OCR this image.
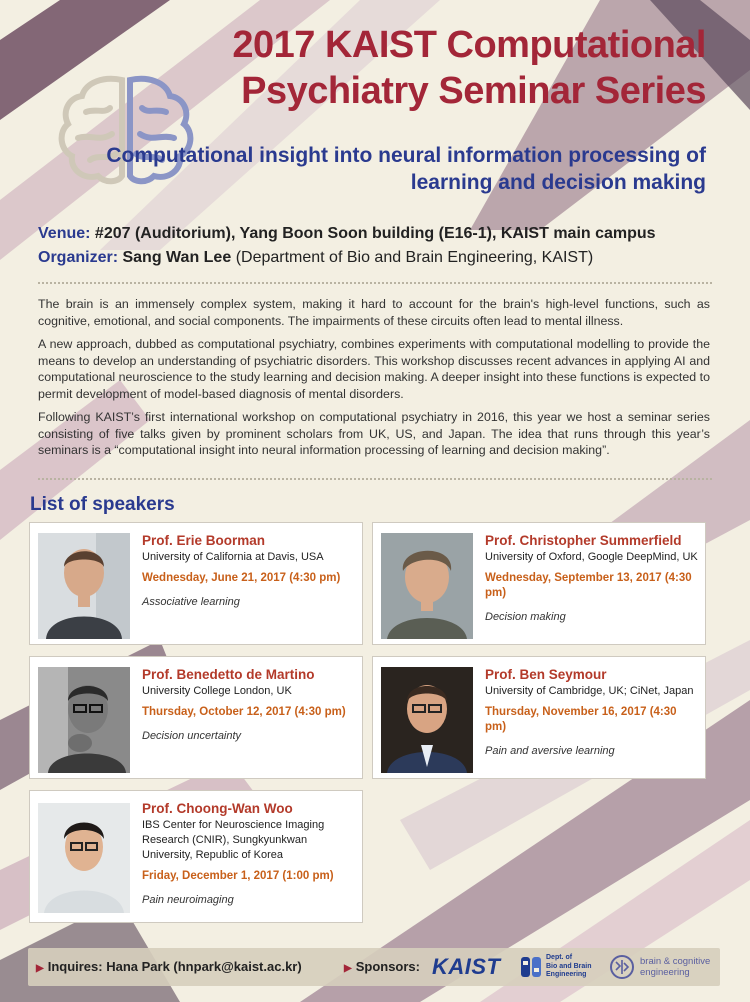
2017 KAIST Computational
Psychiatry Seminar Series
Computational insight into neural information processing of
learning and decision making
Venue: #207 (Auditorium), Yang Boon Soon building (E16-1), KAIST main campus
Organizer: Sang Wan Lee (Department of Bio and Brain Engineering, KAIST)

The brain is an immensely complex system, making it hard to account for the brain's high-level functions, such as cognitive, emotional, and social components. The impairments of these circuits often lead to mental illness.

A new approach, dubbed as computational psychiatry, combines experiments with computational modelling to provide the means to develop an understanding of psychiatric disorders. This workshop discusses recent advances in applying AI and computational neuroscience to the study learning and decision making. A deeper insight into these functions is expected to permit development of model-based diagnosis of mental disorders.

Following KAIST’s first international workshop on computational psychiatry in 2016, this year we host a seminar series consisting of five talks given by prominent scholars from UK, US, and Japan. The idea that runs through this year’s seminars is a “computational insight into neural information processing of learning and decision making”.

List of speakers
Prof. Erie Boorman
University of California at Davis, USA
Wednesday, June 21, 2017 (4:30 pm)
Associative learning
Prof. Christopher Summerfield
University of Oxford, Google DeepMind, UK
Wednesday, September 13, 2017 (4:30 pm)
Decision making
Prof. Benedetto de Martino
University College London, UK
Thursday, October 12, 2017 (4:30 pm)
Decision uncertainty
Prof. Ben Seymour
University of Cambridge, UK; CiNet, Japan
Thursday, November 16, 2017 (4:30 pm)
Pain and aversive learning
Prof. Choong-Wan Woo
IBS Center for Neuroscience Imaging Research (CNIR), Sungkyunkwan University, Republic of Korea
Friday, December 1, 2017 (1:00 pm)
Pain neuroimaging
▶ Inquires: Hana Park (hnpark@kaist.ac.kr)	▶ Sponsors: KAIST	Dept. of
Bio and Brain
Engineering
brain & cognitive
engineering
